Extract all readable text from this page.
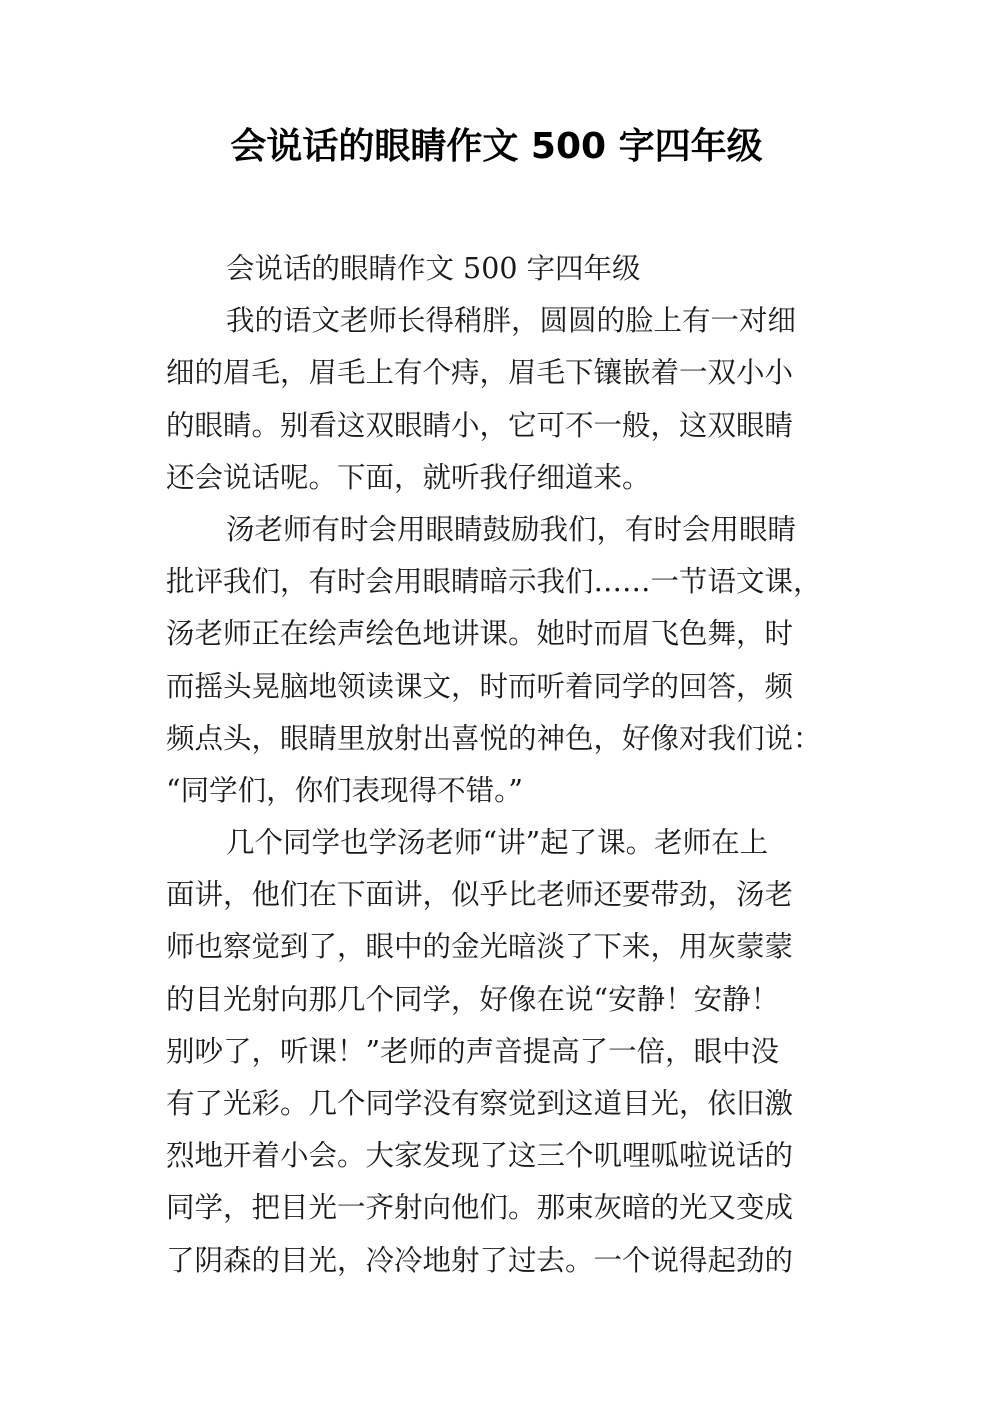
会说话的眼睛作文 500 字四年级
会说话的眼睛作文 500 字四年级
我的语文老师长得稍胖，圆圆的脸上有一对细
细的眉毛，眉毛上有个痔，眉毛下镶嵌着一双小小
的眼睛。别看这双眼睛小，它可不一般，这双眼睛
还会说话呢。下面，就听我仔细道来。
汤老师有时会用眼睛鼓励我们，有时会用眼睛
批评我们，有时会用眼睛暗示我们……一节语文课，
汤老师正在绘声绘色地讲课。她时而眉飞色舞，时
而摇头晃脑地领读课文，时而听着同学的回答，频
频点头，眼睛里放射出喜悦的神色，好像对我们说：
“同学们，你们表现得不错。”
几个同学也学汤老师“讲”起了课。老师在上
面讲，他们在下面讲，似乎比老师还要带劲，汤老
师也察觉到了，眼中的金光暗淡了下来，用灰蒙蒙
的目光射向那几个同学，好像在说“安静！安静！
别吵了，听课！”老师的声音提高了一倍，眼中没
有了光彩。几个同学没有察觉到这道目光，依旧激
烈地开着小会。大家发现了这三个叽哩呱啦说话的
同学，把目光一齐射向他们。那束灰暗的光又变成
了阴森的目光，冷冷地射了过去。一个说得起劲的
